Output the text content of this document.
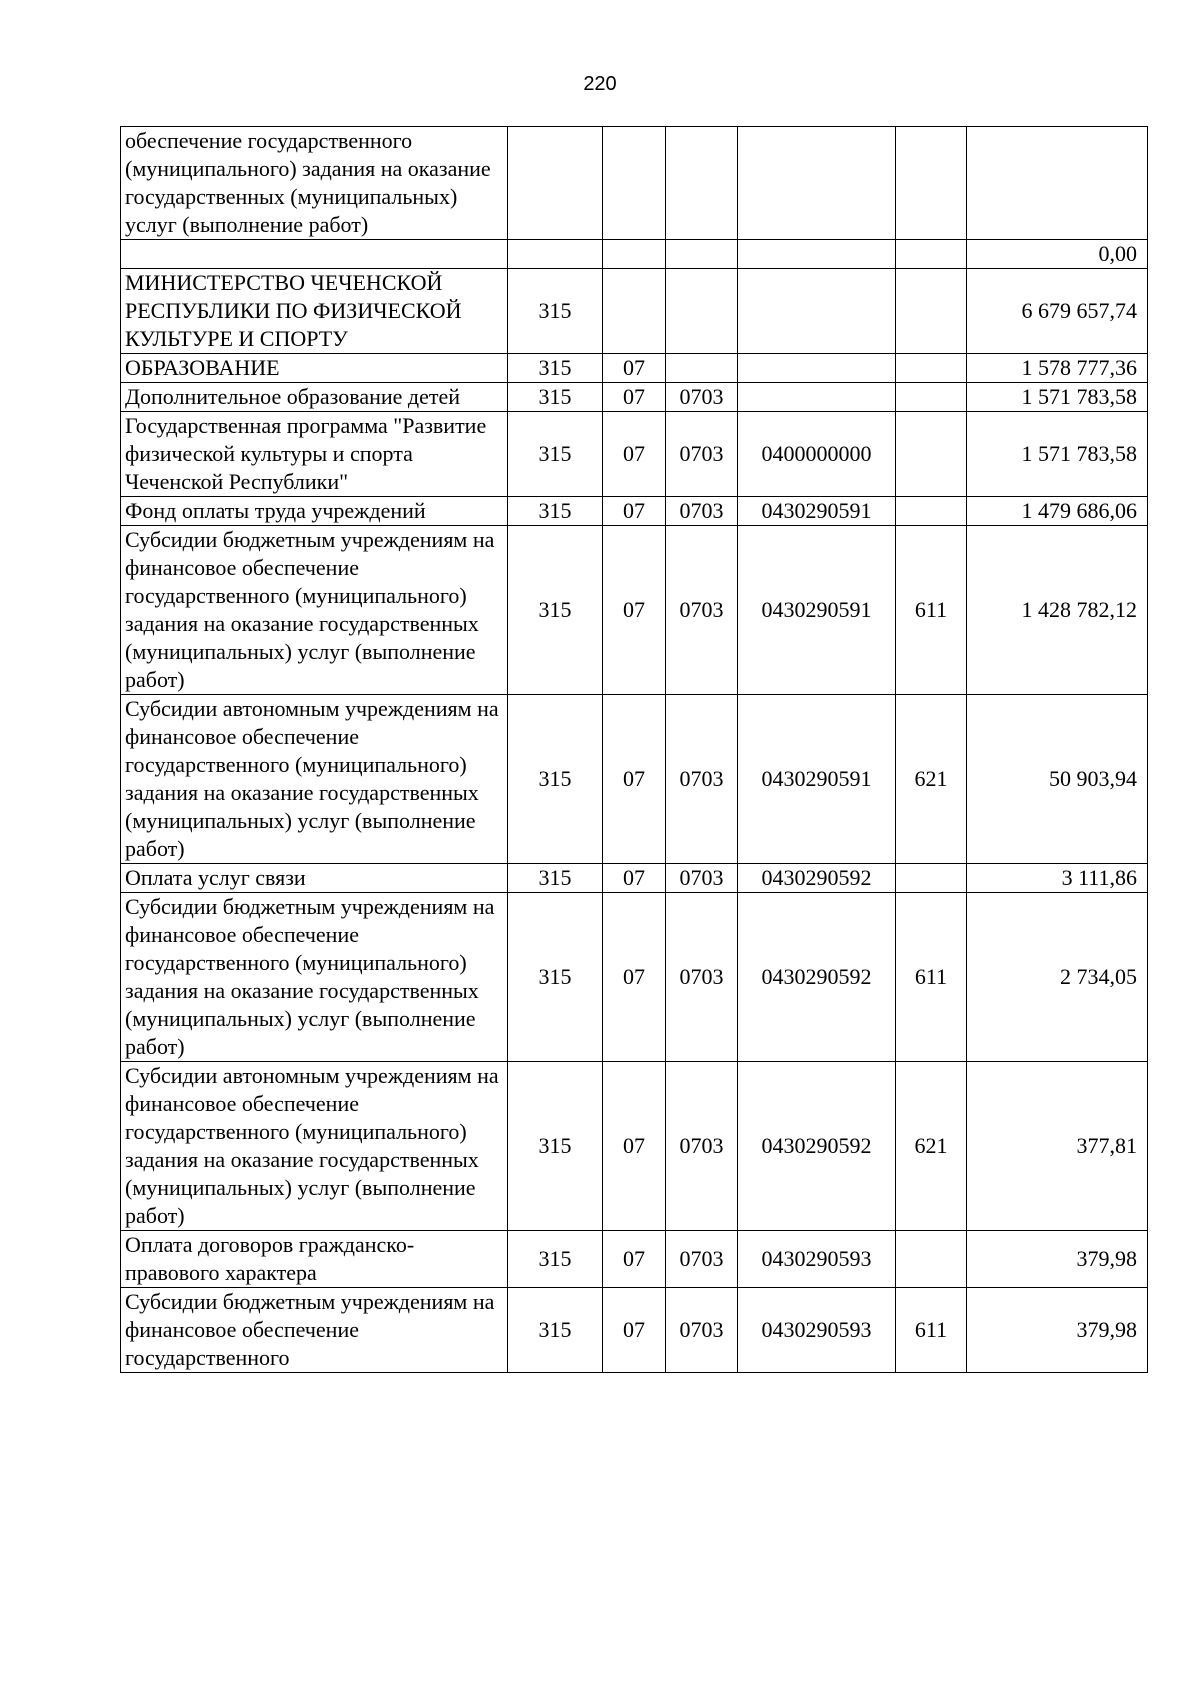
220
обеспечение государственного (муниципального) задания на оказание государственных (муниципальных) услуг (выполнение работ)						
						0,00
МИНИСТЕРСТВО ЧЕЧЕНСКОЙ РЕСПУБЛИКИ ПО ФИЗИЧЕСКОЙ КУЛЬТУРЕ И СПОРТУ	315					6 679 657,74
ОБРАЗОВАНИЕ	315	07				1 578 777,36
Дополнительное образование детей	315	07	0703			1 571 783,58
Государственная программа "Развитие физической культуры и спорта Чеченской Республики"	315	07	0703	0400000000		1 571 783,58
Фонд оплаты труда учреждений	315	07	0703	0430290591		1 479 686,06
Субсидии бюджетным учреждениям на финансовое обеспечение государственного (муниципального) задания на оказание государственных (муниципальных) услуг (выполнение работ)	315	07	0703	0430290591	611	1 428 782,12
Субсидии автономным учреждениям на финансовое обеспечение государственного (муниципального) задания на оказание государственных (муниципальных) услуг (выполнение работ)	315	07	0703	0430290591	621	50 903,94
Оплата услуг связи	315	07	0703	0430290592		3 111,86
Субсидии бюджетным учреждениям на финансовое обеспечение государственного (муниципального) задания на оказание государственных (муниципальных) услуг (выполнение работ)	315	07	0703	0430290592	611	2 734,05
Субсидии автономным учреждениям на финансовое обеспечение государственного (муниципального) задания на оказание государственных (муниципальных) услуг (выполнение работ)	315	07	0703	0430290592	621	377,81
Оплата договоров гражданско-правового характера	315	07	0703	0430290593		379,98
Субсидии бюджетным учреждениям на финансовое обеспечение государственного	315	07	0703	0430290593	611	379,98
